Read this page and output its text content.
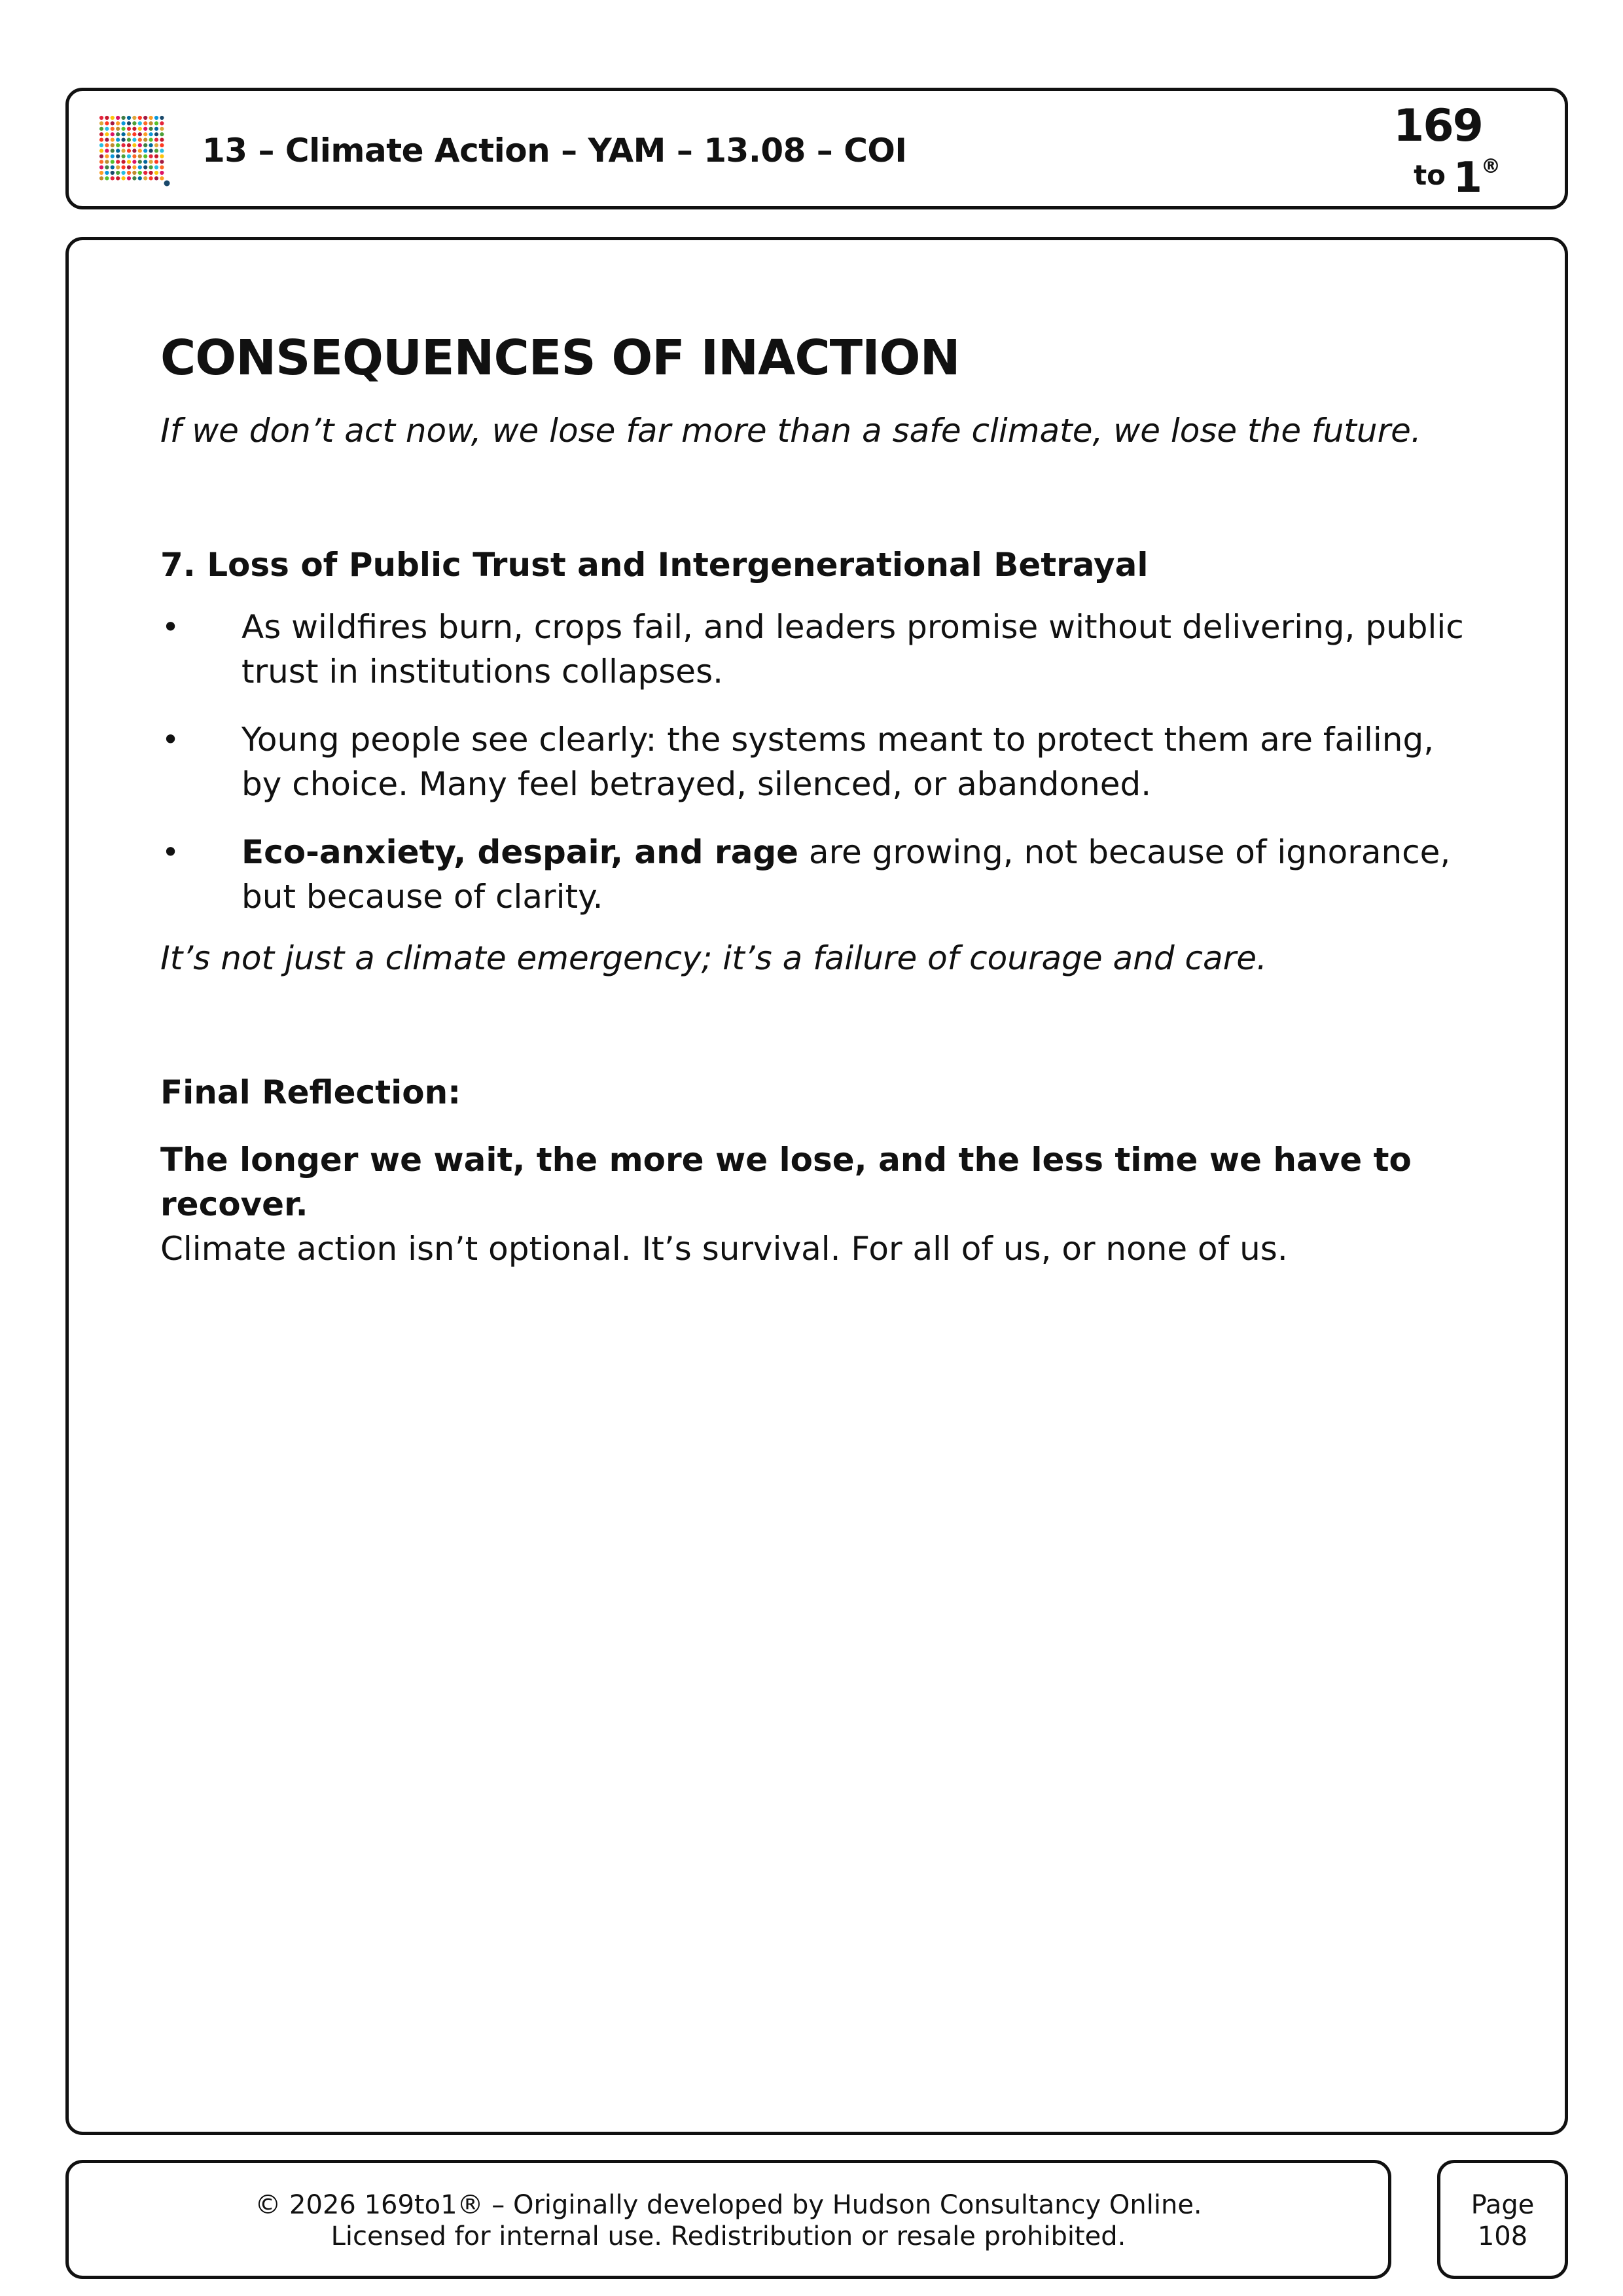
13 – Climate Action – YAM – 13.08 – COI	169
to 1
®
CONSEQUENCES OF INACTION

If we don’t act now, we lose far more than a safe climate, we lose the future.

7. Loss of Public Trust and Intergenerational Betrayal

• As wildfires burn, crops fail, and leaders promise without delivering, public trust in institutions collapses.
• Young people see clearly: the systems meant to protect them are failing, by choice. Many feel betrayed, silenced, or abandoned.
• Eco-anxiety, despair, and rage are growing, not because of ignorance, but because of clarity.

It’s not just a climate emergency; it’s a failure of courage and care.

Final Reflection:

The longer we wait, the more we lose, and the less time we have to recover.
Climate action isn’t optional. It’s survival. For all of us, or none of us.

© 2026 169to1® – Originally developed by Hudson Consultancy Online.
Licensed for internal use. Redistribution or resale prohibited.
Page
108
